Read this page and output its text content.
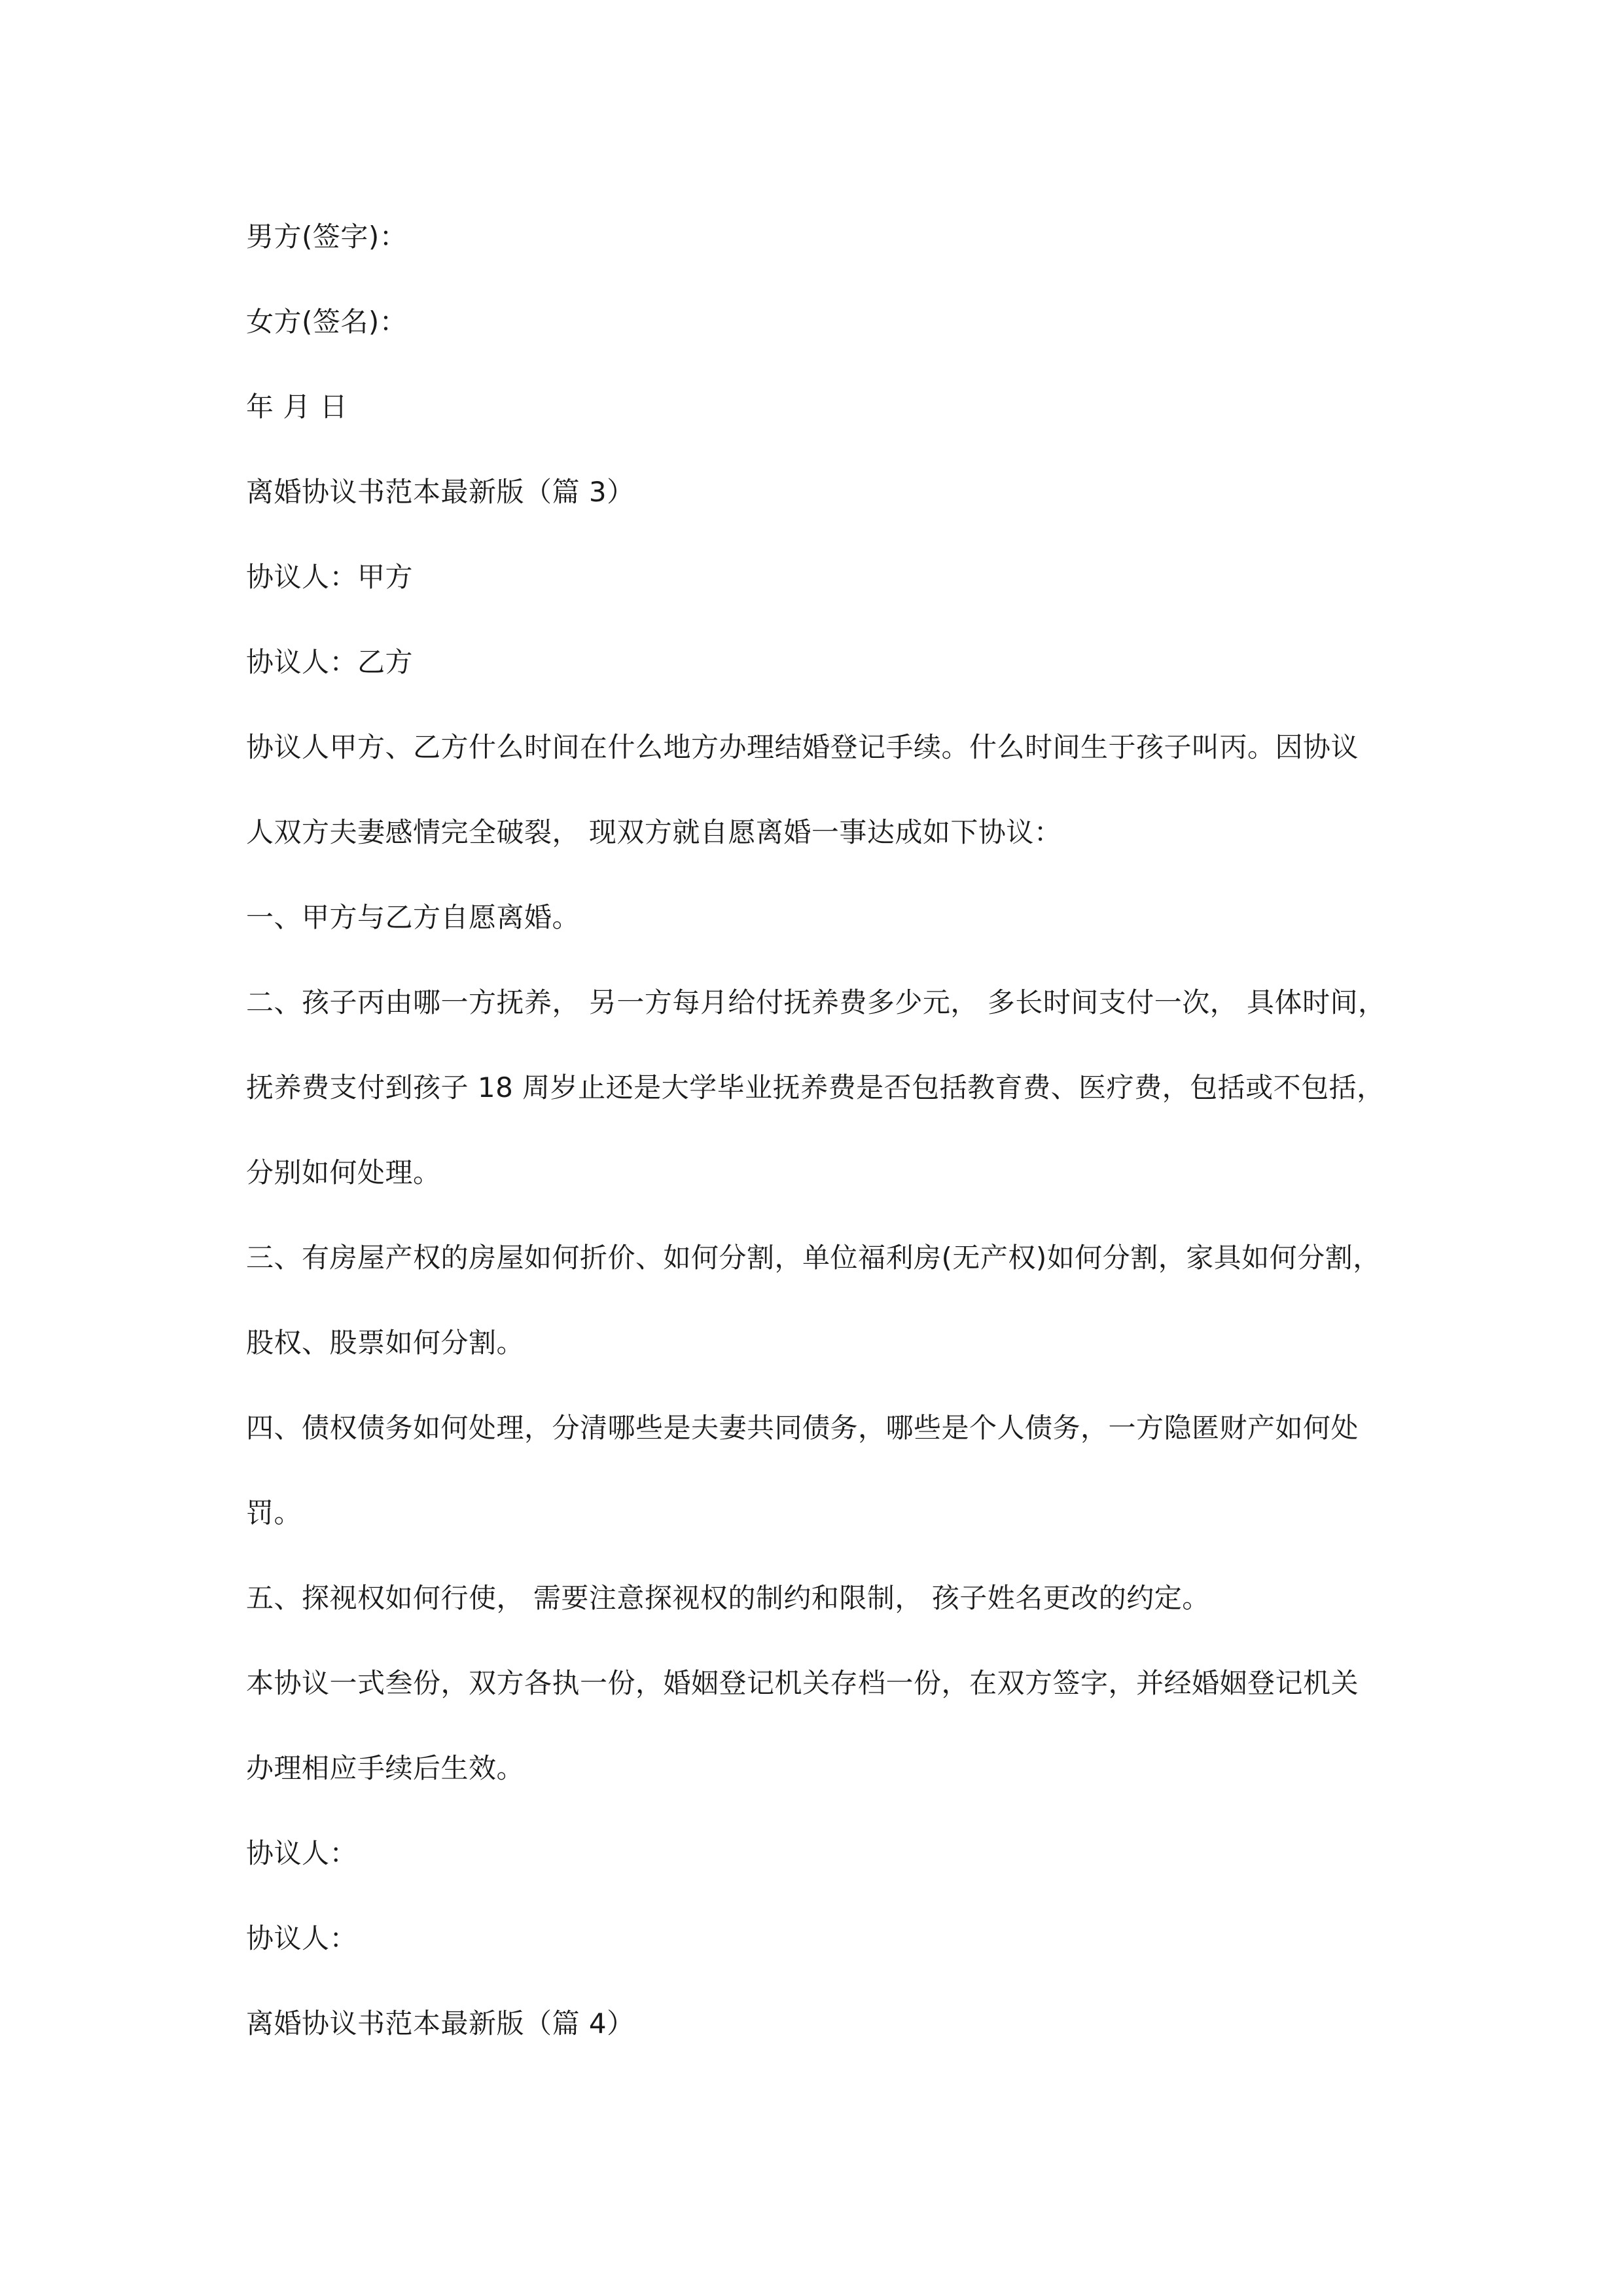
男方(签字)：
女方(签名)：
年 月 日
离婚协议书范本最新版（篇 3）
协议人：甲方
协议人：乙方
协议人甲方、乙方什么时间在什么地方办理结婚登记手续。什么时间生于孩子叫丙。因协议
人双方夫妻感情完全破裂， 现双方就自愿离婚一事达成如下协议：
一、甲方与乙方自愿离婚。
二、孩子丙由哪一方抚养， 另一方每月给付抚养费多少元， 多长时间支付一次， 具体时间，
抚养费支付到孩子 18 周岁止还是大学毕业抚养费是否包括教育费、医疗费，包括或不包括，
分别如何处理。
三、有房屋产权的房屋如何折价、如何分割，单位福利房(无产权)如何分割，家具如何分割，
股权、股票如何分割。
四、债权债务如何处理，分清哪些是夫妻共同债务，哪些是个人债务，一方隐匿财产如何处
罚。
五、探视权如何行使， 需要注意探视权的制约和限制， 孩子姓名更改的约定。
本协议一式叁份，双方各执一份，婚姻登记机关存档一份，在双方签字，并经婚姻登记机关
办理相应手续后生效。
协议人：
协议人：
离婚协议书范本最新版（篇 4）
